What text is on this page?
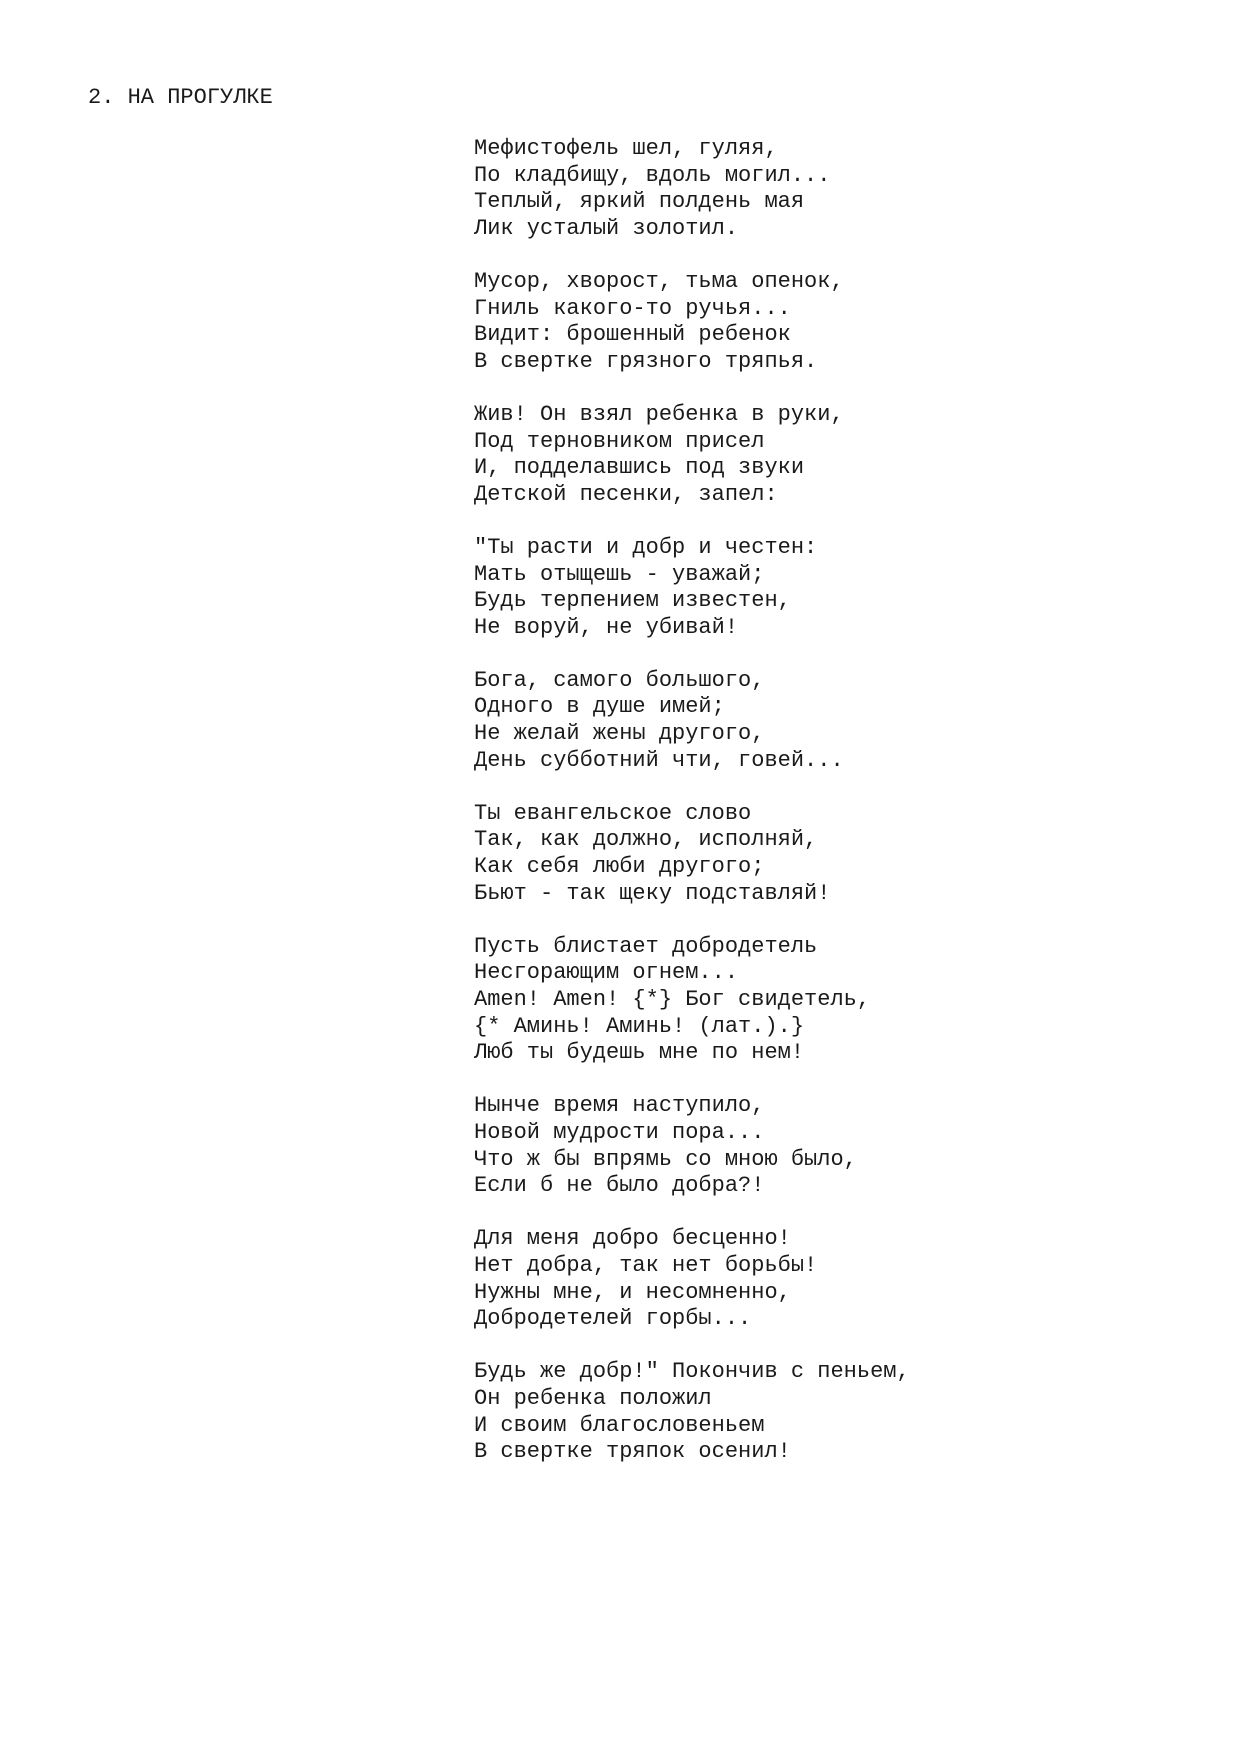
2. НА ПРОГУЛКЕ
Мефистофель шел, гуляя,
По кладбищу, вдоль могил...
Теплый, яркий полдень мая
Лик усталый золотил.
Мусор, хворост, тьма опенок,
Гниль какого-то ручья...
Видит: брошенный ребенок
В свертке грязного тряпья.
Жив! Он взял ребенка в руки,
Под терновником присел
И, подделавшись под звуки
Детской песенки, запел:
"Ты расти и добр и честен:
Мать отыщешь - уважай;
Будь терпением известен,
Не воруй, не убивай!
Бога, самого большого,
Одного в душе имей;
Не желай жены другого,
День субботний чти, говей...
Ты евангельское слово
Так, как должно, исполняй,
Как себя люби другого;
Бьют - так щеку подставляй!
Пусть блистает добродетель
Несгорающим огнем...
Amen! Amen! {*} Бог свидетель,
{* Аминь! Аминь! (лат.).}
Люб ты будешь мне по нем!
Нынче время наступило,
Новой мудрости пора...
Что ж бы впрямь со мною было,
Если б не было добра?!
Для меня добро бесценно!
Нет добра, так нет борьбы!
Нужны мне, и несомненно,
Добродетелей горбы...
Будь же добр!" Покончив с пеньем,
Он ребенка положил
И своим благословеньем
В свертке тряпок осенил!
